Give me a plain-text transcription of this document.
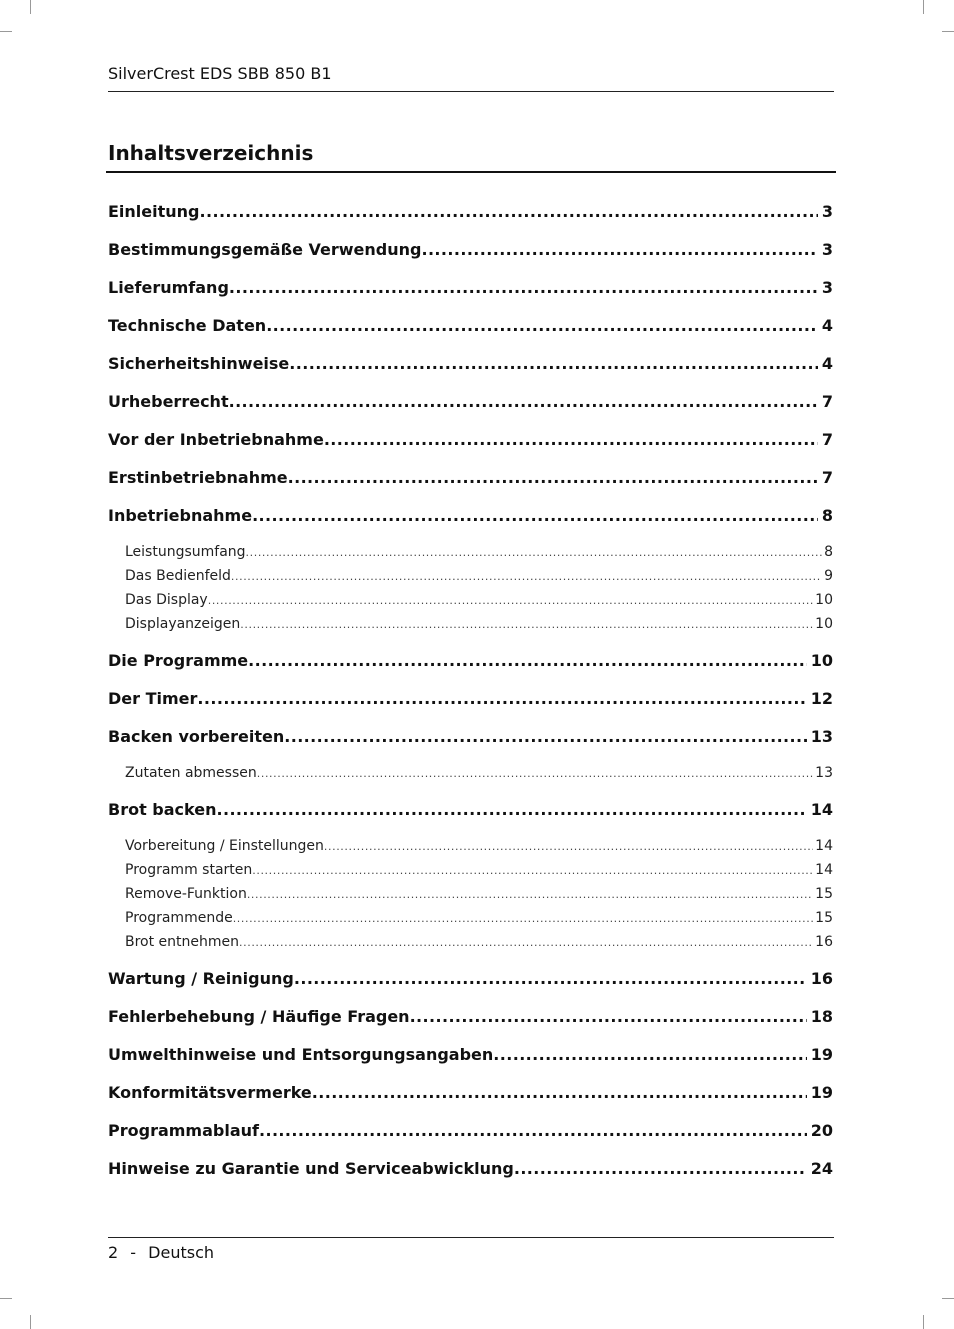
SilverCrest EDS SBB 850 B1
Inhaltsverzeichnis
Einleitung .....	3
Bestimmungsgemäße Verwendung .....	3
Lieferumfang .....	3
Technische Daten .....	4
Sicherheitshinweise .....	4
Urheberrecht .....	7
Vor der Inbetriebnahme .....	7
Erstinbetriebnahme .....	7
Inbetriebnahme .....	8
Leistungsumfang .....	8
Das Bedienfeld .....	9
Das Display .....	10
Displayanzeigen .....	10
Die Programme .....	10
Der Timer .....	12
Backen vorbereiten .....	13
Zutaten abmessen .....	13
Brot backen .....	14
Vorbereitung / Einstellungen .....	14
Programm starten .....	14
Remove-Funktion .....	15
Programmende .....	15
Brot entnehmen .....	16
Wartung / Reinigung .....	16
Fehlerbehebung / Häufige Fragen .....	18
Umwelthinweise und Entsorgungsangaben .....	19
Konformitätsvermerke .....	19
Programmablauf .....	20
Hinweise zu Garantie und Serviceabwicklung .....	24
2 - Deutsch
